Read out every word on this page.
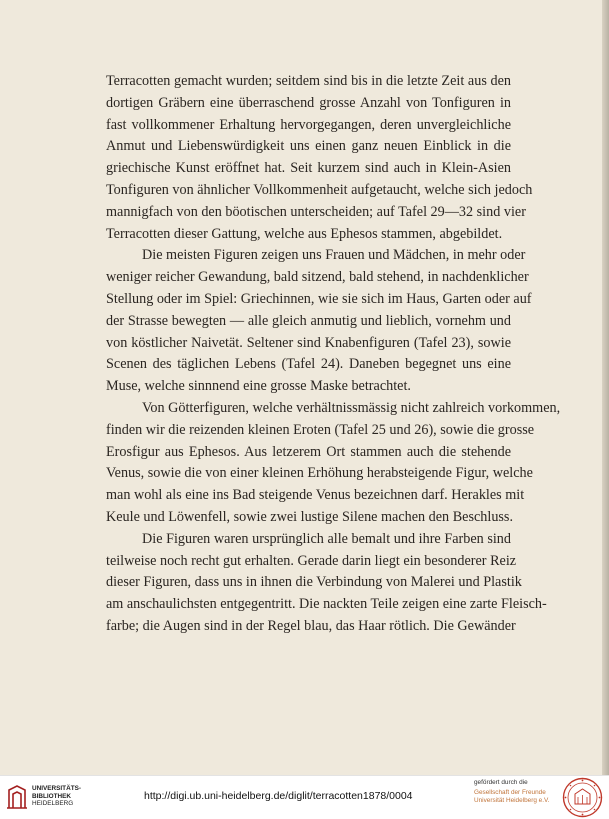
Terracotten gemacht wurden; seitdem sind bis in die letzte Zeit aus den
dortigen Gräbern eine überraschend grosse Anzahl von Tonfiguren in
fast vollkommener Erhaltung hervorgegangen, deren unvergleichliche
Anmut und Liebenswürdigkeit uns einen ganz neuen Einblick in die
griechische Kunst eröffnet hat. Seit kurzem sind auch in Klein-Asien
Tonfiguren von ähnlicher Vollkommenheit aufgetaucht, welche sich jedoch
mannigfach von den böotischen unterscheiden; auf Tafel 29—32 sind vier
Terracotten dieser Gattung, welche aus Ephesos stammen, abgebildet.
Die meisten Figuren zeigen uns Frauen und Mädchen, in mehr oder
weniger reicher Gewandung, bald sitzend, bald stehend, in nachdenklicher
Stellung oder im Spiel: Griechinnen, wie sie sich im Haus, Garten oder auf
der Strasse bewegten — alle gleich anmutig und lieblich, vornehm und
von köstlicher Naivetät. Seltener sind Knabenfiguren (Tafel 23), sowie
Scenen des täglichen Lebens (Tafel 24). Daneben begegnet uns eine
Muse, welche sinnnend eine grosse Maske betrachtet.
Von Götterfiguren, welche verhältnissmässig nicht zahlreich vorkommen,
finden wir die reizenden kleinen Eroten (Tafel 25 und 26), sowie die grosse
Erosfigur aus Ephesos. Aus letzerem Ort stammen auch die stehende
Venus, sowie die von einer kleinen Erhöhung herabsteigende Figur, welche
man wohl als eine ins Bad steigende Venus bezeichnen darf. Herakles mit
Keule und Löwenfell, sowie zwei lustige Silene machen den Beschluss.
Die Figuren waren ursprünglich alle bemalt und ihre Farben sind
teilweise noch recht gut erhalten. Gerade darin liegt ein besonderer Reiz
dieser Figuren, dass uns in ihnen die Verbindung von Malerei und Plastik
am anschaulichsten entgegentritt. Die nackten Teile zeigen eine zarte Fleisch-
farbe; die Augen sind in der Regel blau, das Haar rötlich. Die Gewänder
UNIVERSITÄTS-
BIBLIOTHEK
HEIDELBERG
http://digi.ub.uni-heidelberg.de/diglit/terracotten1878/0004
gefördert durch die
Gesellschaft der Freunde
Universität Heidelberg e.V.
